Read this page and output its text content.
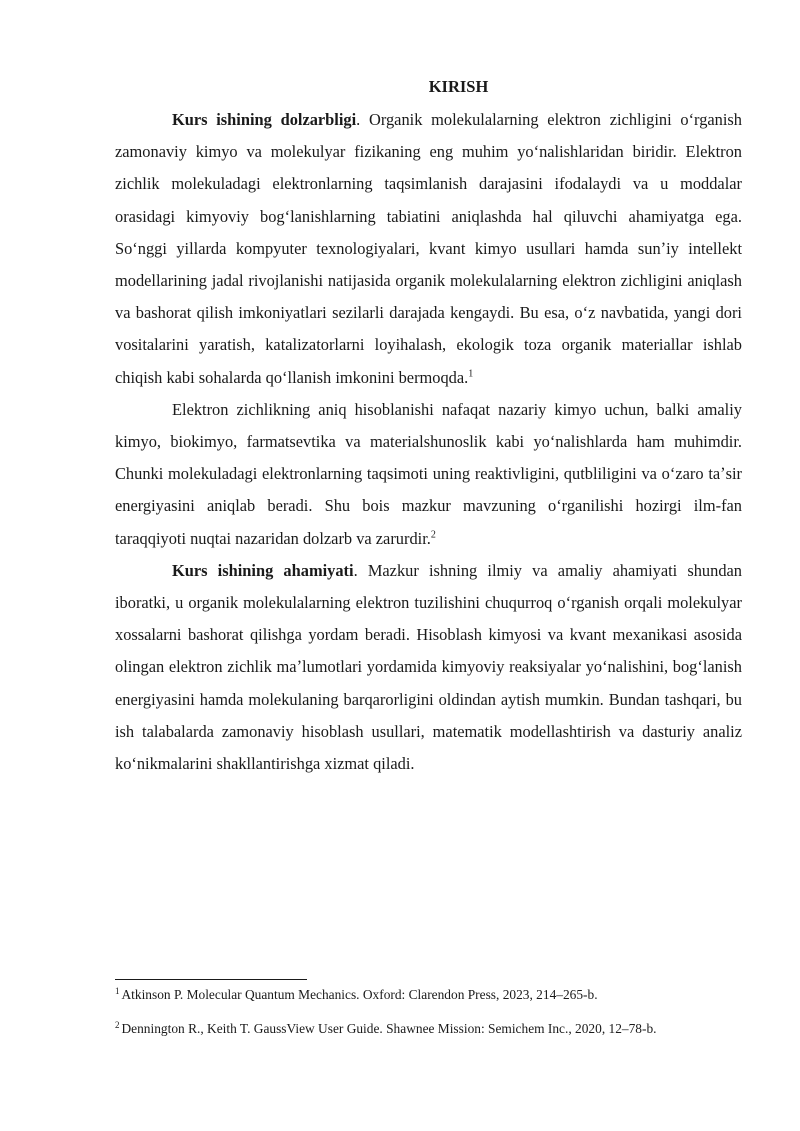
KIRISH

Kurs ishining dolzarbligi. Organik molekulalarning elektron zichligini oʻrganish zamonaviy kimyo va molekulyar fizikaning eng muhim yoʻnalishlaridan biridir. Elektron zichlik molekuladagi elektronlarning taqsimlanish darajasini ifodalaydi va u moddalar orasidagi kimyoviy bogʻlanishlarning tabiatini aniqlashda hal qiluvchi ahamiyatga ega. Soʻnggi yillarda kompyuter texnologiyalari, kvant kimyo usullari hamda sunʼiy intellekt modellarining jadal rivojlanishi natijasida organik molekulalarning elektron zichligini aniqlash va bashorat qilish imkoniyatlari sezilarli darajada kengaydi. Bu esa, oʻz navbatida, yangi dori vositalarini yaratish, katalizatorlarni loyihalash, ekologik toza organik materiallar ishlab chiqish kabi sohalarda qoʻllanish imkonini bermoqda.$^1$

Elektron zichlikning aniq hisoblanishi nafaqat nazariy kimyo uchun, balki amaliy kimyo, biokimyo, farmatsevtika va materialshunoslik kabi yoʻnalishlarda ham muhimdir. Chunki molekuladagi elektronlarning taqsimoti uning reaktivligini, qutbliligini va oʻzaro taʼsir energiyasini aniqlab beradi. Shu bois mazkur mavzuning oʻrganilishi hozirgi ilm-fan taraqqiyoti nuqtai nazaridan dolzarb va zarurdir.$^2$

Kurs ishining ahamiyati. Mazkur ishning ilmiy va amaliy ahamiyati shundan iboratki, u organik molekulalarning elektron tuzilishini chuqurroq oʻrganish orqali molekulyar xossalarni bashorat qilishga yordam beradi. Hisoblash kimyosi va kvant mexanikasi asosida olingan elektron zichlik maʼlumotlari yordamida kimyoviy reaksiyalar yoʻnalishini, bogʻlanish energiyasini hamda molekulaning barqarorligini oldindan aytish mumkin. Bundan tashqari, bu ish talabalarda zamonaviy hisoblash usullari, matematik modellashtirish va dasturiy analiz koʻnikmalarini shakllantirishga xizmat qiladi.

$^1$ Atkinson P. Molecular Quantum Mechanics. Oxford: Clarendon Press, 2023, 214–265-b.

$^2$ Dennington R., Keith T. GaussView User Guide. Shawnee Mission: Semichem Inc., 2020, 12–78-b.
